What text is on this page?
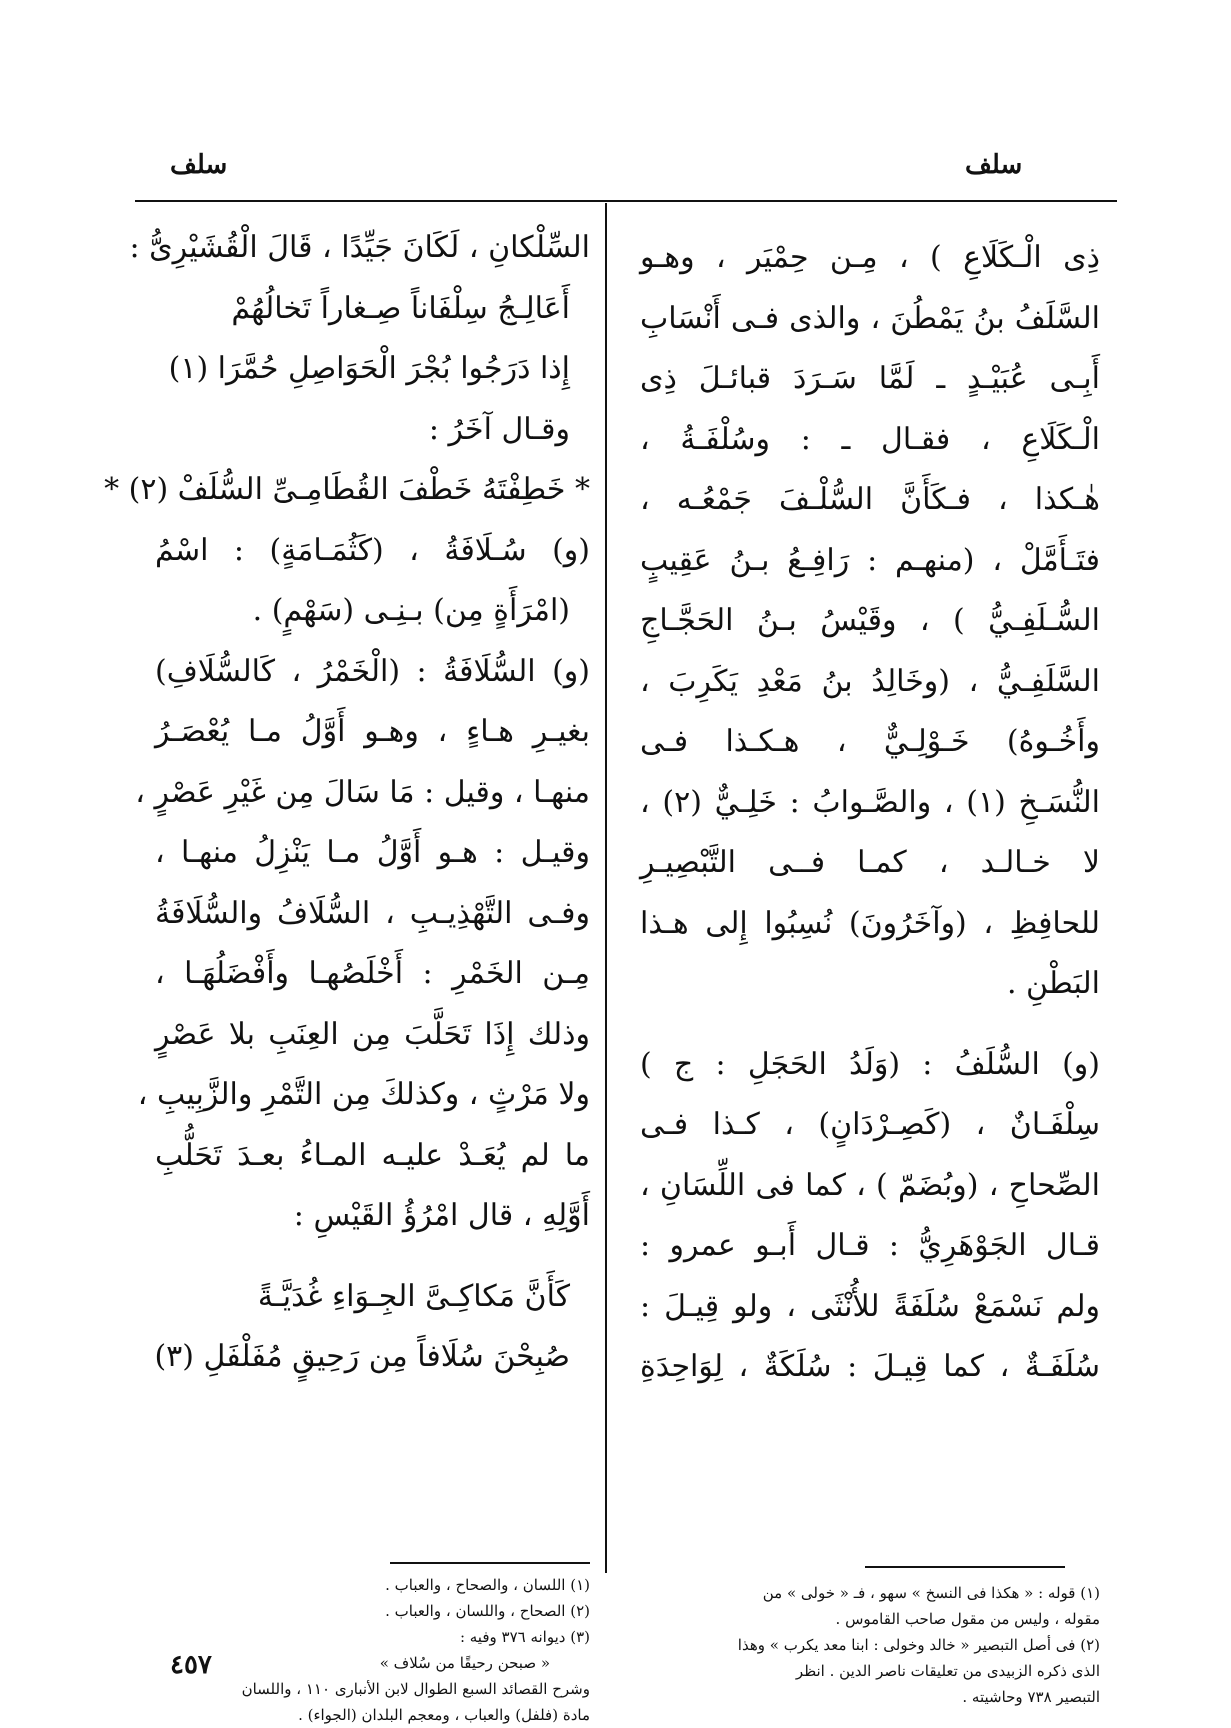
سلف
سلف
ذِى الْـكَلَاعِ ) ، مِـن حِمْيَر ، وهـو
السَّلَفُ بنُ يَمْطُنَ ، والذى فـى أَنْسَابِ
أَبِـى عُبَيْـدٍ ـ لَمَّا سَـرَدَ قبائـلَ ذِى
الْـكَلَاعِ ، فقـال ـ : وسُلْفَـةُ ،
هٰـكذا ، فـكَأَنَّ السُّلْـفَ جَمْعُـه ،
فتَـأَمَّلْ ، (منهـم : رَافِـعُ بـنُ عَقِيبٍ
السُّـلَفِـيُّ ) ، وقَيْسُ بـنُ الحَجَّـاجِ
السَّلَفِـيُّ ، (وخَالِدُ بنُ مَعْدِ يَكَرِبَ ،
وأَخُـوهُ) خَـوْلِـيٌّ ، هـكـذا فـى
النُّسَـخِ (١) ، والصَّـوابُ : خَلِـيٌّ (٢) ،
لا خـالـد ، كمـا فــى التَّبْصِيـرِ
للحافِظِ ، (وآخَرُونَ) نُسِبُوا إِلى هـذا
البَطْنِ .
(و) السُّلَفُ : (وَلَدُ الحَجَلِ : ج )
سِلْفَـانٌ ، (كَصِـرْدَانٍ) ، كـذا فـى
الصِّحاحِ ، (وبُضَمّ ) ، كما فى اللِّسَانِ ،
قـال الجَوْهَرِيُّ : قـال أَبـو عمرو :
ولم نَسْمَعْ سُلَفَةً للأُنْثَى ، ولو قِيـلَ :
سُلَفَـةٌ ، كما قِيـلَ : سُلَكَةٌ ، لِوَاحِدَةِ
السِّلْكانِ ، لَكَانَ جَيِّدًا ، قَالَ الْقُشَيْرِىُّ :
أَعَالِـجُ سِلْفَاناً صِـغاراً تَخالُهُمْ
إِذا دَرَجُوا بُجْرَ الْحَوَاصِلِ حُمَّرَا (١)
وقـال آخَرُ :
* خَطِفْتَهُ خَطْفَ القُطَامِـىِّ السُّلَفْ (٢) *
(و) سُـلَافَةُ ، (كَثُمَـامَةٍ) : اسْمُ
(امْرَأَةٍ مِن) بـنِـى (سَهْمٍ) .
(و) السُّلَافَةُ : (الْخَمْرُ ، كَالسُّلَافِ)
بغيـرِ هـاءٍ ، وهـو أَوَّلُ مـا يُعْصَـرُ
منهـا ، وقيل : مَا سَالَ مِن غَيْرِ عَصْرٍ ،
وقيـل : هـو أَوَّلُ مـا يَنْزِلُ منهـا ،
وفـى التَّهْذِيـبِ ، السُّلَافُ والسُّلَافَةُ
مِـن الخَمْرِ : أَخْلَصُهـا وأَفْضَلُهَـا ،
وذلك إِذَا تَحَلَّبَ مِن العِنَبِ بلا عَصْرٍ
ولا مَرْثٍ ، وكذلكَ مِن التَّمْرِ والزَّبِيبِ ،
ما لم يُعَـدْ عليـه المـاءُ بعـدَ تَحَلُّبِ
أَوَّلِهِ ، قال امْرُؤُ القَيْسِ :
كَأَنَّ مَكاكِـىَّ الجِـوَاءِ غُدَيَّـةً
صُبِحْنَ سُلَافاً مِن رَحِيقٍ مُفَلْفَلِ (٣)
(١) قوله : « هكذا فى النسخ » سهو ، فـ « خولى » من
مقوله ، وليس من مقول صاحب القاموس .
(٢) فى أصل التبصير « خالد وخولى : ابنا معد يكرب » وهذا
الذى ذكره الزبيدى من تعليقات ناصر الدين . انظر
التبصير ٧٣٨ وحاشيته .
(١) اللسان ، والصحاح ، والعباب .
(٢) الصحاح ، واللسان ، والعباب .
(٣) ديوانه ٣٧٦ وفيه :
« صبحن رحيقًا من سُلاف »
وشرح القصائد السبع الطوال لابن الأنبارى ١١٠ ، واللسان
مادة (فلفل) والعباب ، ومعجم البلدان (الجواء) .
٤٥٧
